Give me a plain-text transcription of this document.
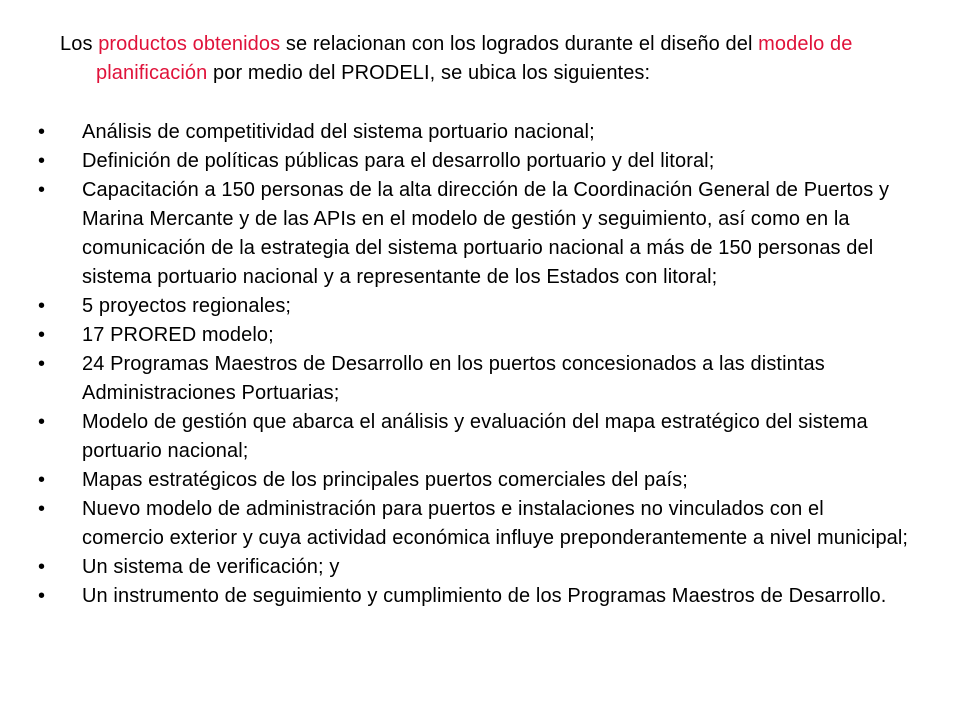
Los productos obtenidos se relacionan con los logrados durante el diseño del modelo de planificación por medio del PRODELI, se ubica los siguientes:

•	Análisis de competitividad del sistema portuario nacional;
•	Definición de políticas públicas para el desarrollo portuario y del litoral;
•	Capacitación a 150 personas de la alta dirección de la Coordinación General de Puertos y Marina Mercante y de las APIs en el modelo de gestión y seguimiento, así como en la comunicación de la estrategia del sistema portuario nacional a más de 150 personas del sistema portuario nacional y a representante de los Estados con litoral;
•	5 proyectos regionales;
•	17 PRORED modelo;
•	24 Programas Maestros de Desarrollo en los puertos concesionados a las distintas Administraciones Portuarias;
•	Modelo de gestión que abarca el análisis y evaluación del mapa estratégico del sistema portuario nacional;
•	Mapas estratégicos de los principales puertos comerciales del país;
•	Nuevo modelo de administración para puertos e instalaciones no vinculados con el comercio exterior y cuya actividad económica influye preponderantemente a nivel municipal;
•	Un sistema de verificación; y
•	Un instrumento de seguimiento y cumplimiento de los Programas Maestros de Desarrollo.
